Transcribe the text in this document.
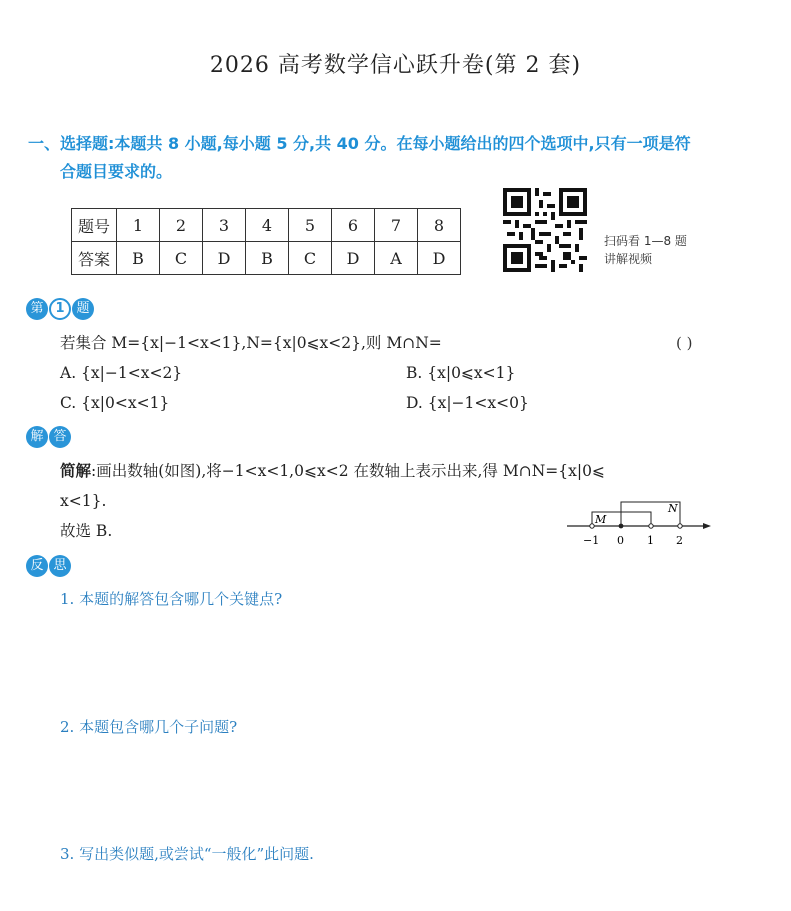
2026 高考数学信心跃升卷(第 2 套)
一、选择题:本题共 8 小题,每小题 5 分,共 40 分。在每小题给出的四个选项中,只有一项是符
合题目要求的。
题号	1	2	3	4	5	6	7	8
答案	B	C	D	B	C	D	A	D
扫码看 1—8 题
讲解视频
第 1 题
若集合 M={x|−1<x<1},N={x|0⩽x<2},则 M∩N=	( )
A. {x|−1<x<2}	B. {x|0⩽x<1}
C. {x|0<x<1}	D. {x|−1<x<0}
解 答
简解:画出数轴(如图),将−1<x<1,0⩽x<2 在数轴上表示出来,得 M∩N={x|0⩽
x<1}.
故选 B.
M
N
−1 0 1 2
反 思
1. 本题的解答包含哪几个关键点?
2. 本题包含哪几个子问题?
3. 写出类似题,或尝试“一般化”此问题.
